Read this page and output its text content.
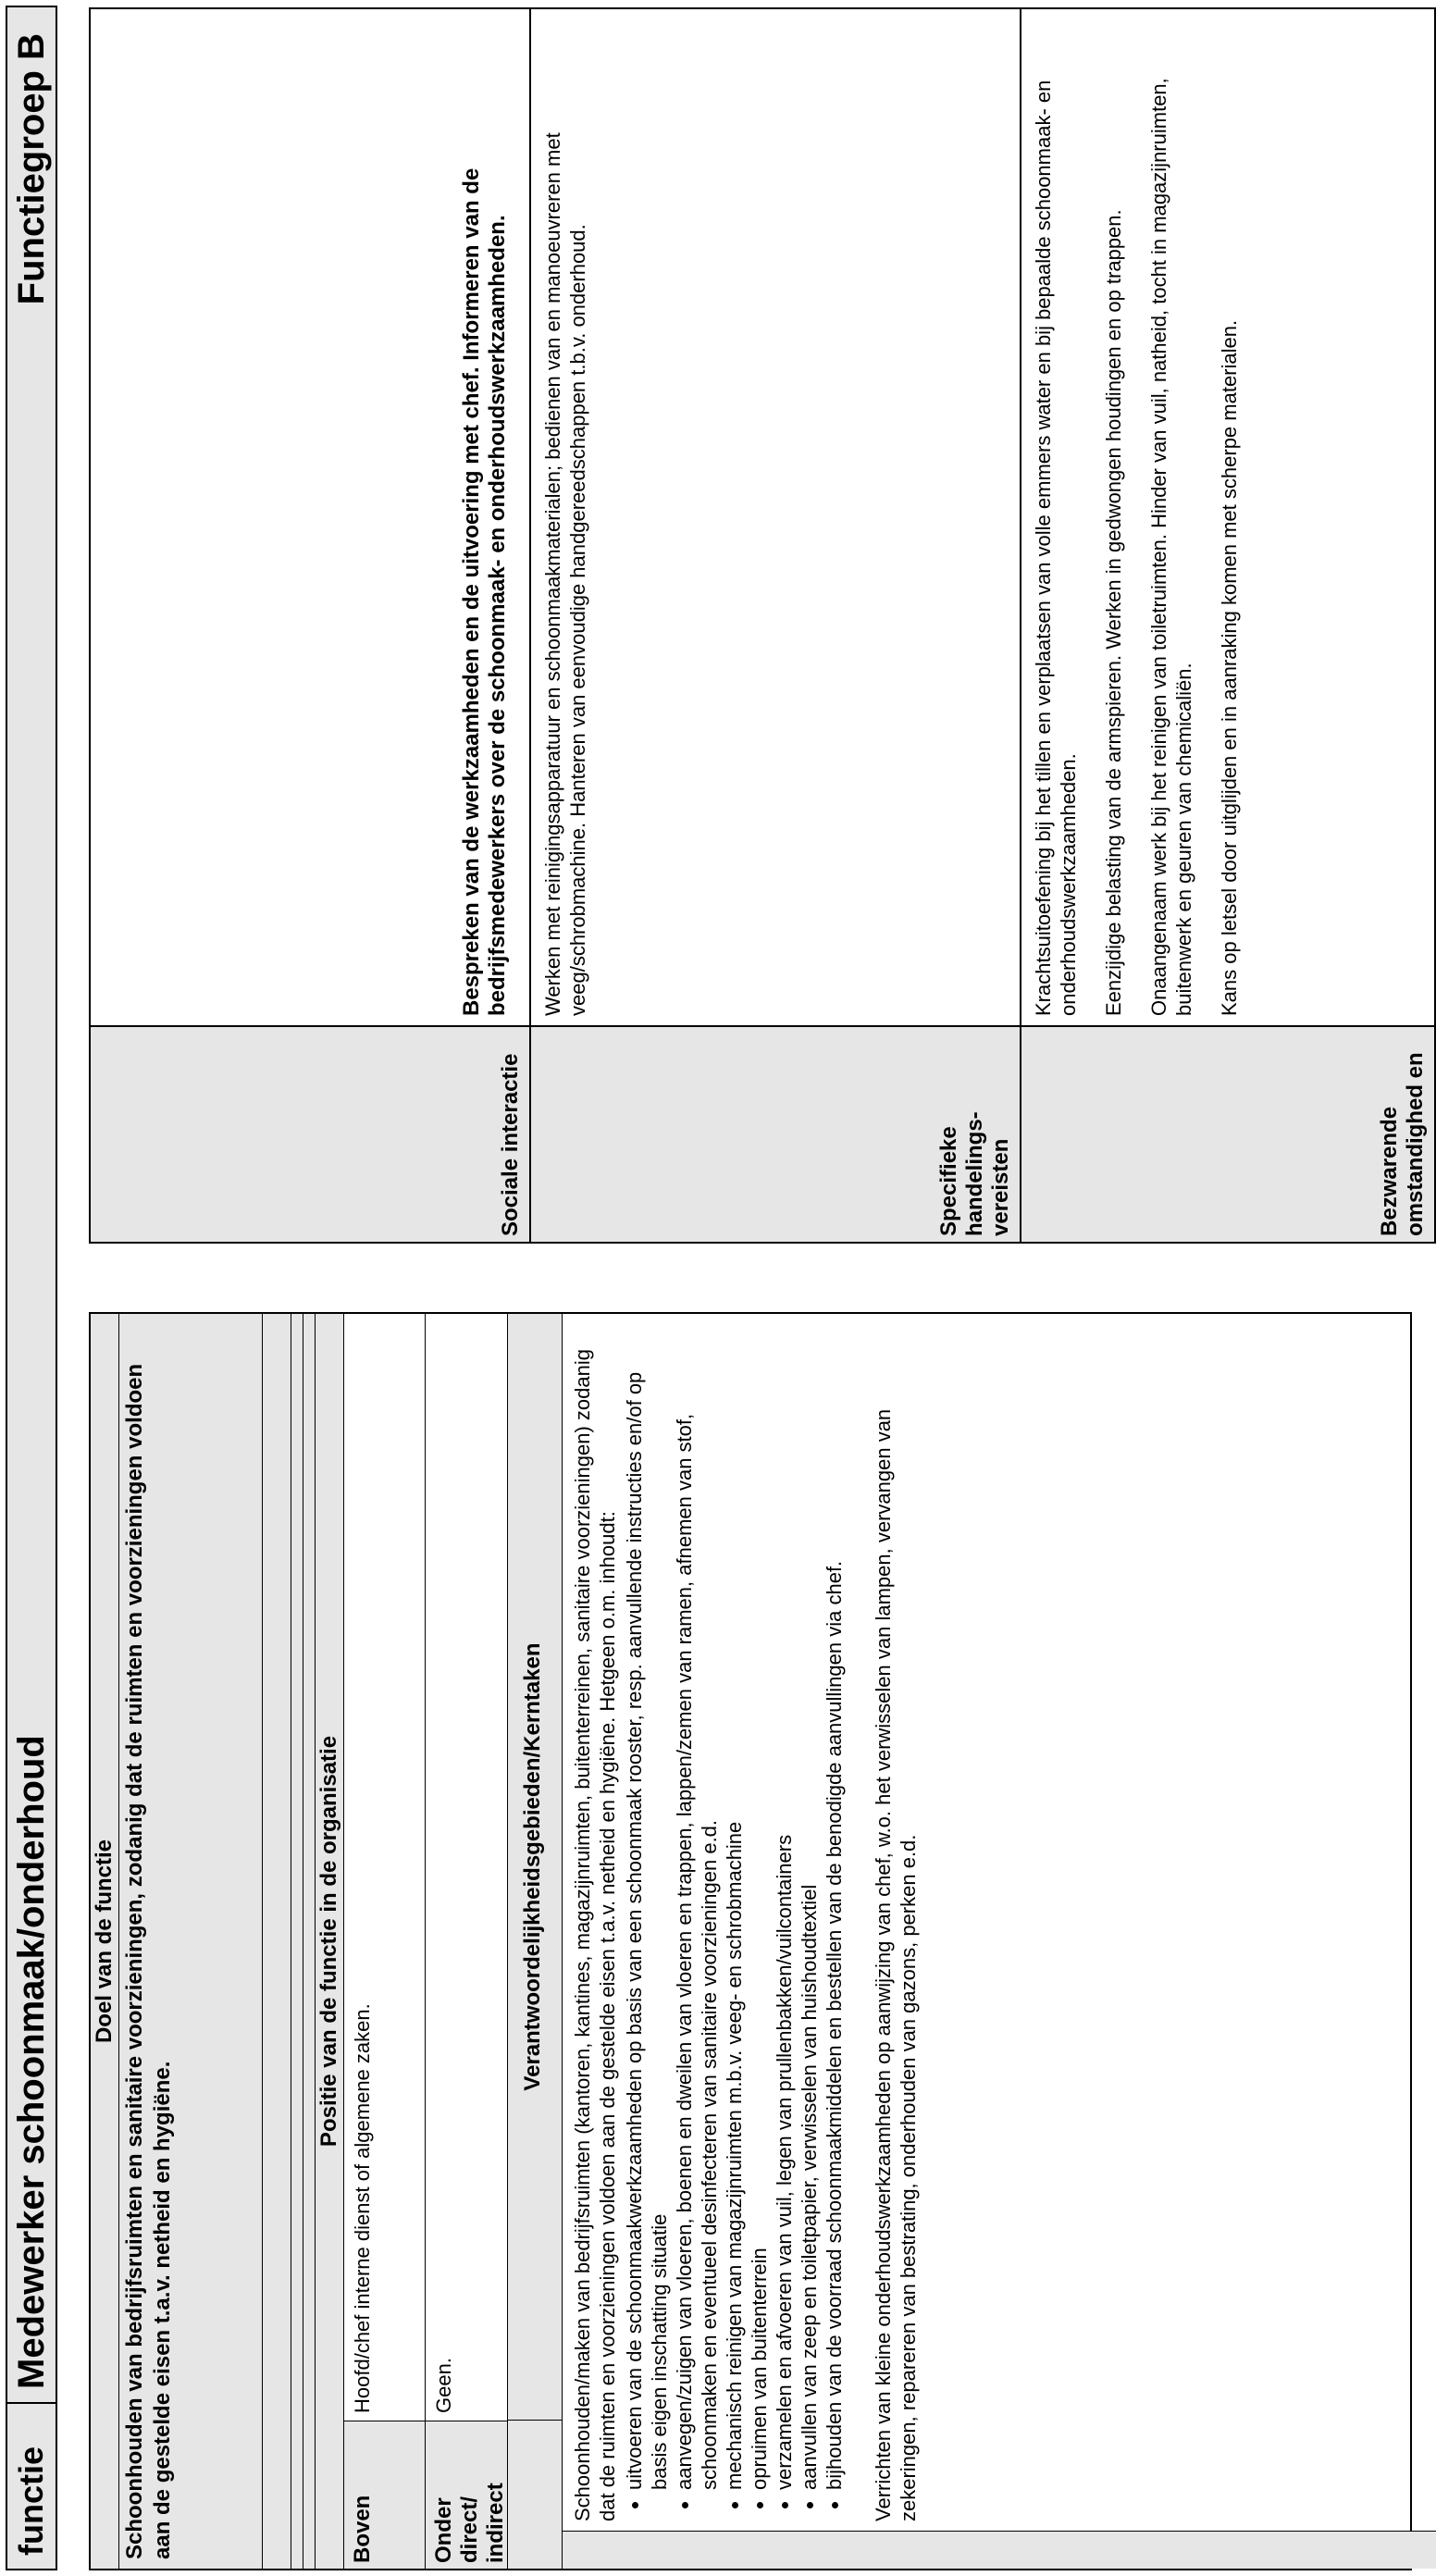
functie
Medewerker schoonmaak/onderhoud
Functiegroep B
Doel van de functie Schoonhouden van bedrijfsruimten en sanitaire voorzieningen, zodanig dat de ruimten en voorzieningen voldoen aan de gestelde eisen t.a.v. netheid en hygiëne.
Positie van de functie in de organisatie
Boven
Hoofd/chef interne dienst of algemene zaken.
Onder direct/ indirect
Geen.
Verantwoordelijkheidsgebieden/Kerntaken	Schoonhouden/maken van bedrijfsruimten (kantoren, kantines, magazijnruimten, buitenterreinen, sanitaire voorzieningen) zodanig dat de ruimten en voorzieningen voldoen aan de gestelde eisen t.a.v. netheid en hygiëne. Hetgeen o.m. inhoudt: • uitvoeren van de schoonmaakwerkzaamheden op basis van een schoonmaak rooster, resp. aanvullende instructies en/of op basis eigen inschatting situatie • aanvegen/zuigen van vloeren, boenen en dweilen van vloeren en trappen, lappen/zemen van ramen, afnemen van stof, schoonmaken en eventueel desinfecteren van sanitaire voorzieningen e.d. • mechanisch reinigen van magazijnruimten m.b.v. veeg- en schrobmachine • opruimen van buitenterrein • verzamelen en afvoeren van vuil, legen van prullenbakken/vuilcontainers • aanvullen van zeep en toiletpapier, verwisselen van huishoudtextiel • bijhouden van de voorraad schoonmaakmiddelen en bestellen van de benodigde aanvullingen via chef. Verrichten van kleine onderhoudswerkzaamheden op aanwijzing van chef, w.o. het verwisselen van lampen, vervangen van zekeringen, repareren van bestrating, onderhouden van gazons, perken e.d.
Sociale interactie

Bespreken van de werkzaamheden en de uitvoering met chef. Informeren van de bedrijfsmedewerkers over de schoonmaak- en onderhoudswerkzaamheden.

Specifieke handelings-vereisten

Werken met reinigingsapparatuur en schoonmaakmaterialen; bedienen van en manoeuvreren met veeg/schrobmachine. Hanteren van eenvoudige handgereedschappen t.b.v. onderhoud.

Bezwarende omstandighed en

Krachtsuitoefening bij het tillen en verplaatsen van volle emmers water en bij bepaalde schoonmaak- en onderhoudswerkzaamheden. Eenzijdige belasting van de armspieren. Werken in gedwongen houdingen en op trappen. Onaangenaam werk bij het reinigen van toiletruimten. Hinder van vuil, natheid, tocht in magazijnruimten, buitenwerk en geuren van chemicaliën. Kans op letsel door uitglijden en in aanraking komen met scherpe materialen.
